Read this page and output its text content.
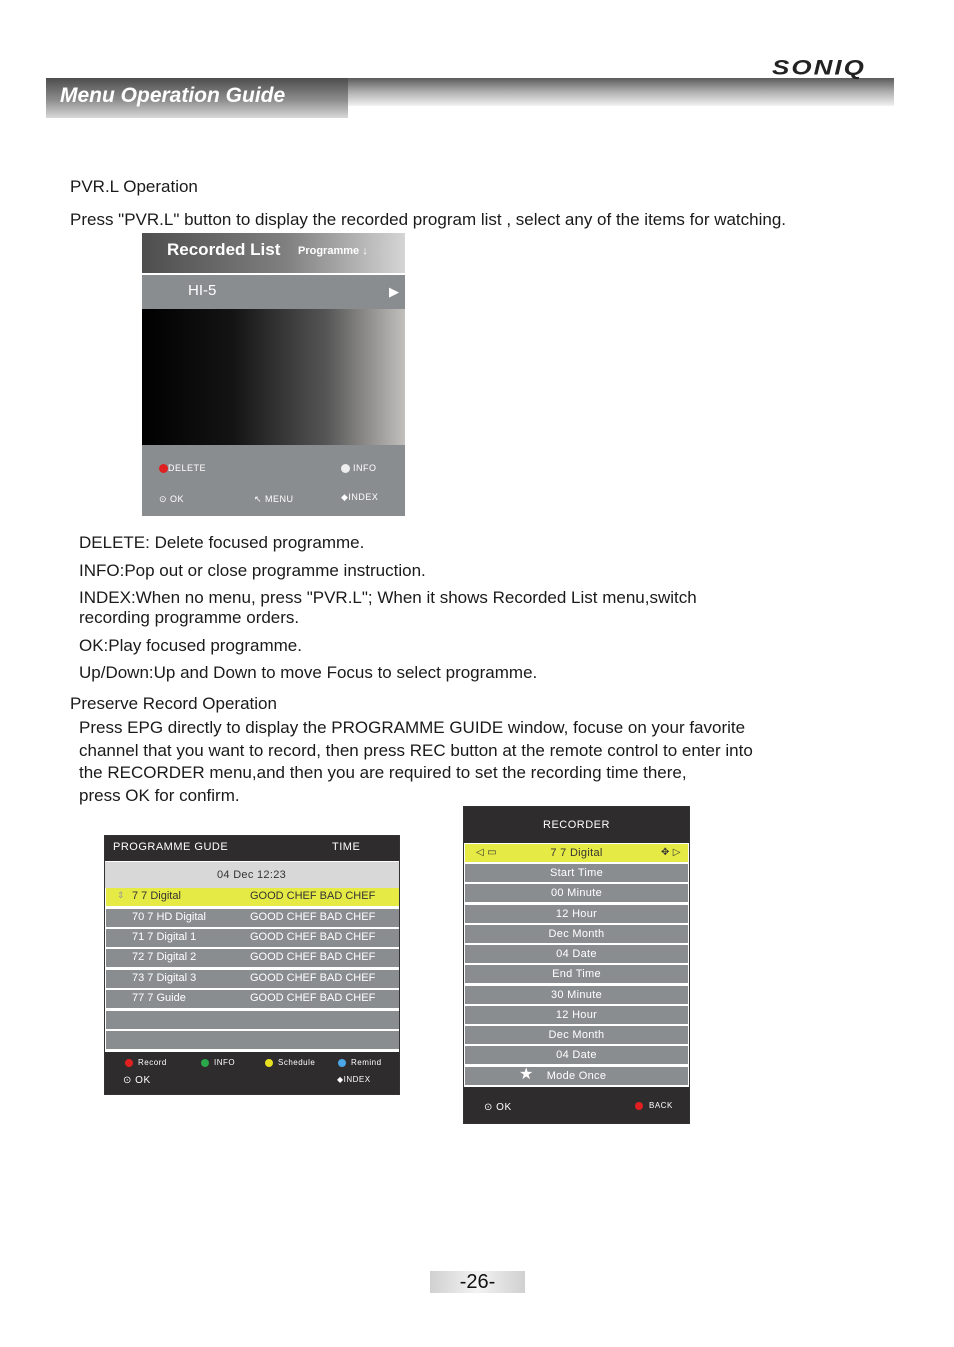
Menu Operation Guide
SONIQ
PVR.L Operation
Press "PVR.L" button to display the recorded program list , select any of the items for watching.
Recorded List Programme ↓
HI-5	▶
DELETE	INFO
⊙ OK	↖ MENU	◆INDEX
DELETE: Delete focused programme.
INFO:Pop out or close programme instruction.
INDEX:When no menu, press "PVR.L"; When it shows Recorded List menu,switch
recording programme orders.
OK:Play focused programme.
Up/Down:Up and Down to move Focus to select programme.
Preserve Record Operation
Press EPG directly to display the PROGRAMME GUIDE window, focuse on your favorite
channel that you want to record, then press REC button at the remote control to enter into
the RECORDER menu,and then you are required to set the recording time there,
press OK for confirm.
PROGRAMME GUDE	TIME
04 Dec 12:23
⇕ 7 7 Digital	GOOD CHEF BAD CHEF
70 7 HD Digital	GOOD CHEF BAD CHEF
71 7 Digital 1	GOOD CHEF BAD CHEF
72 7 Digital 2	GOOD CHEF BAD CHEF
73 7 Digital 3	GOOD CHEF BAD CHEF
77 7 Guide	GOOD CHEF BAD CHEF
Record	INFO	Schedule	Remind
⊙ OK	◆INDEX
RECORDER
◁ ▭	7 7 Digital	✥ ▷
Start Time
00 Minute
12 Hour
Dec Month
04 Date
End Time
30 Minute
12 Hour
Dec Month
04 Date
★ Mode Once
⊙ OK	BACK
-26-
